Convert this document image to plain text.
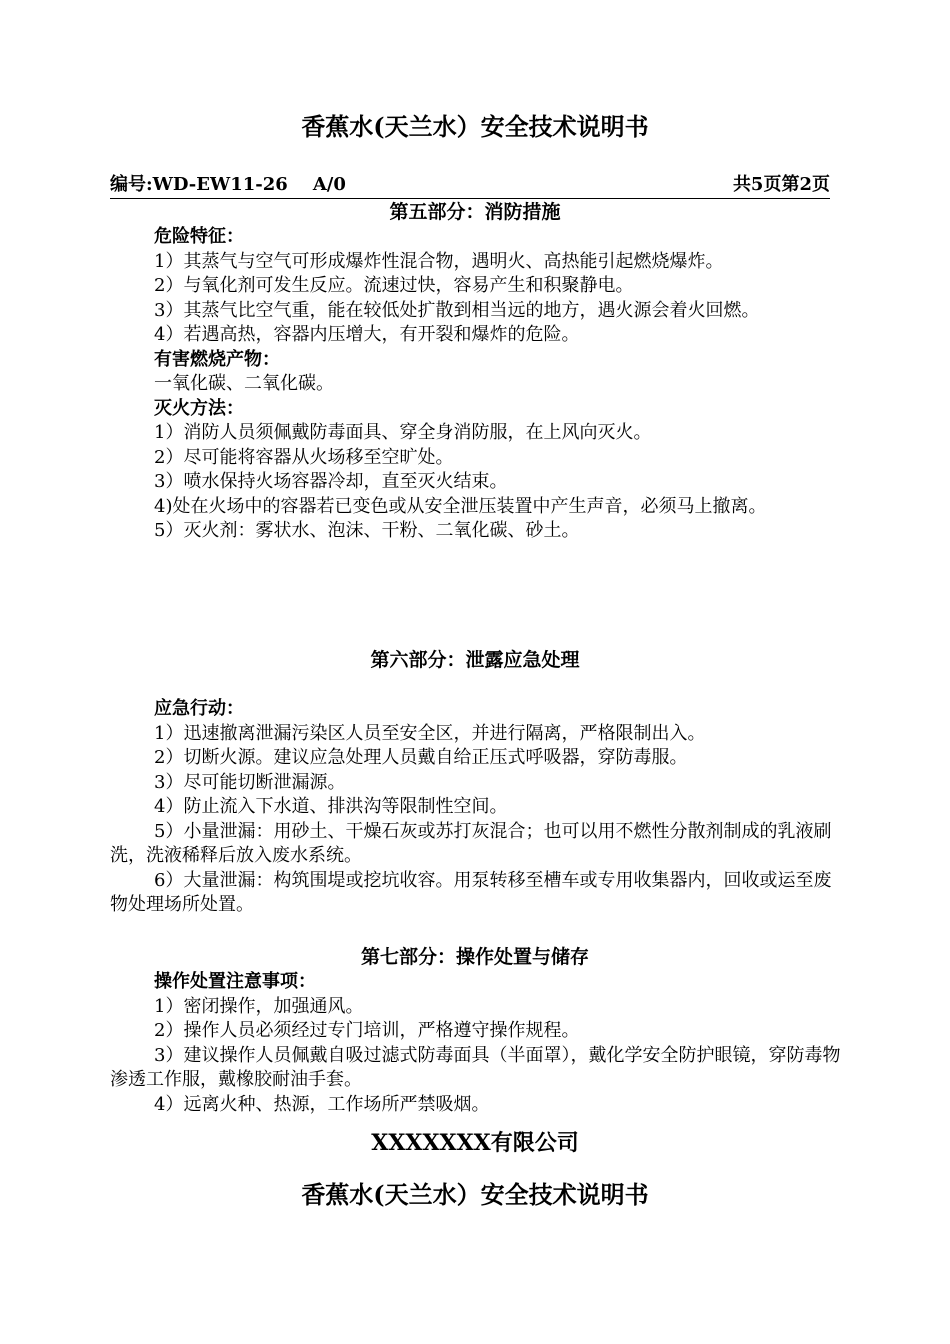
香蕉水(天兰水）安全技术说明书
编号:WD-EW11-26    A/0	共5页第2页
第五部分：消防措施

危险特征：

1）其蒸气与空气可形成爆炸性混合物，遇明火、高热能引起燃烧爆炸。

2）与氧化剂可发生反应。流速过快，容易产生和积聚静电。

3）其蒸气比空气重，能在较低处扩散到相当远的地方，遇火源会着火回燃。

4）若遇高热，容器内压增大，有开裂和爆炸的危险。

有害燃烧产物：

一氧化碳、二氧化碳。

灭火方法：

1）消防人员须佩戴防毒面具、穿全身消防服，在上风向灭火。

2）尽可能将容器从火场移至空旷处。

3）喷水保持火场容器冷却，直至灭火结束。

4)处在火场中的容器若已变色或从安全泄压装置中产生声音，必须马上撤离。

5）灭火剂：雾状水、泡沫、干粉、二氧化碳、砂土。

第六部分：泄露应急处理

应急行动：

1）迅速撤离泄漏污染区人员至安全区，并进行隔离，严格限制出入。

2）切断火源。建议应急处理人员戴自给正压式呼吸器，穿防毒服。

3）尽可能切断泄漏源。

4）防止流入下水道、排洪沟等限制性空间。

5）小量泄漏：用砂土、干燥石灰或苏打灰混合；也可以用不燃性分散剂制成的乳液刷洗，洗液稀释后放入废水系统。

6）大量泄漏：构筑围堤或挖坑收容。用泵转移至槽车或专用收集器内，回收或运至废物处理场所处置。

第七部分：操作处置与储存

操作处置注意事项：

1）密闭操作，加强通风。

2）操作人员必须经过专门培训，严格遵守操作规程。

3）建议操作人员佩戴自吸过滤式防毒面具（半面罩），戴化学安全防护眼镜，穿防毒物渗透工作服，戴橡胶耐油手套。

4）远离火种、热源，工作场所严禁吸烟。

XXXXXXX有限公司
香蕉水(天兰水）安全技术说明书
